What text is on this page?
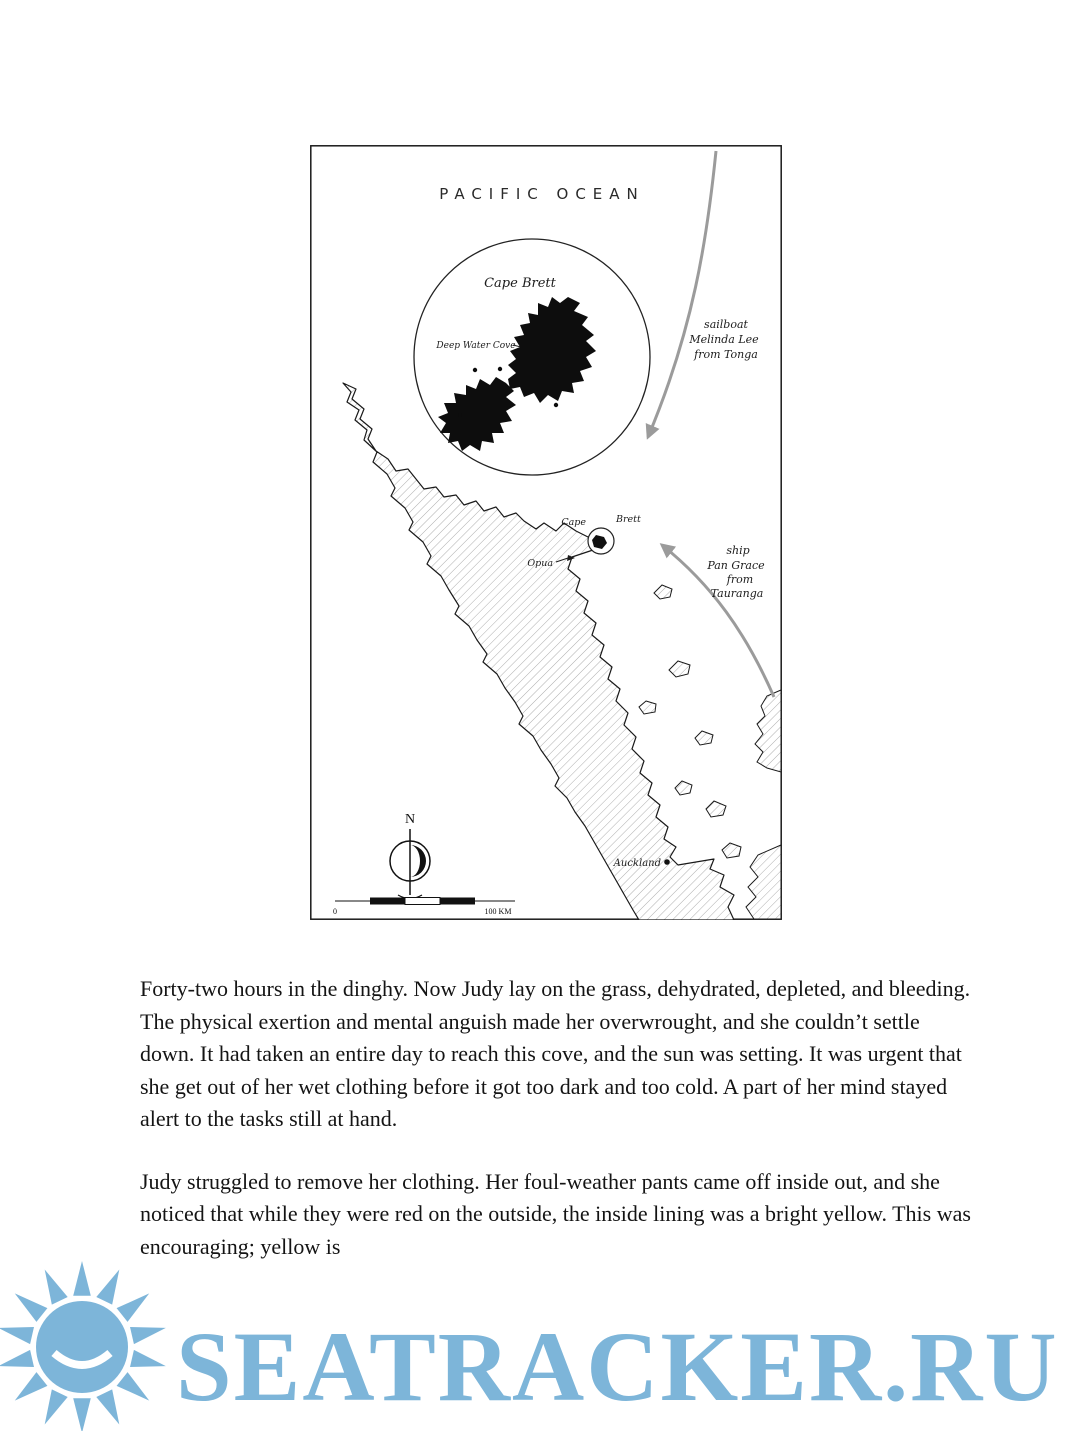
PACIFIC OCEAN
Cape Brett
Deep Water Cove
sailboat
Melinda Lee
from Tonga
Cape	Brett
Opua
ship
Pan Grace
from
Tauranga
Auckland
N
0	100 KM

Forty-two hours in the dinghy. Now Judy lay on the grass, dehydrated, depleted, and bleeding. The physical exertion and mental anguish made her overwrought, and she couldn’t settle down. It had taken an entire day to reach this cove, and the sun was setting. It was urgent that she get out of her wet clothing before it got too dark and too cold. A part of her mind stayed alert to the tasks still at hand.

Judy struggled to remove her clothing. Her foul-weather pants came off inside out, and she noticed that while they were red on the outside, the inside lining was a bright yellow. This was encouraging; yellow is

SEATRACKER.RU
